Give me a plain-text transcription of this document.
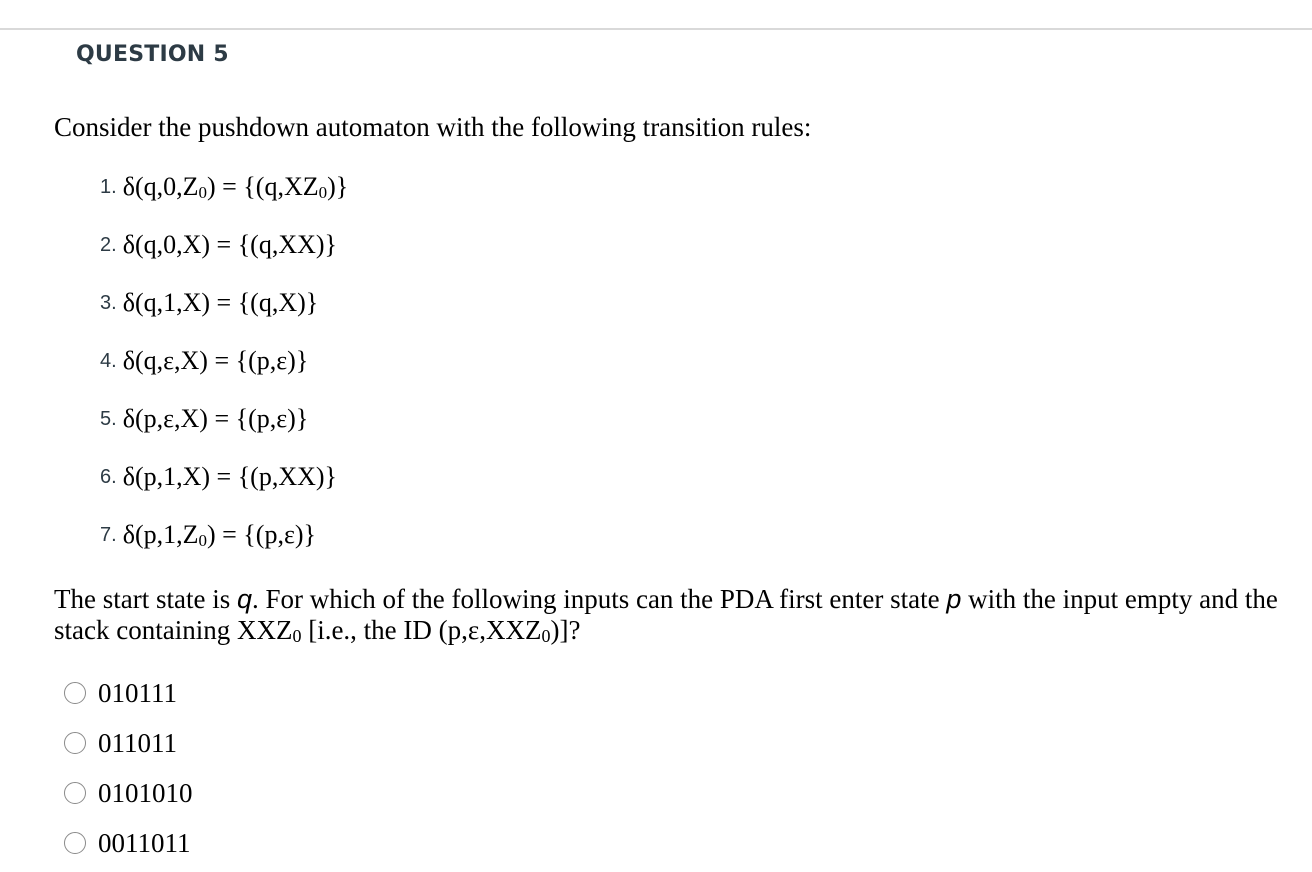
QUESTION 5
Consider the pushdown automaton with the following transition rules:
1. $\delta(q,0,Z_0) = \{(q,XZ_0)\}$
2. δ(q,0,X) = {(q,XX)}
3. δ(q,1,X) = {(q,X)}
4. δ(q,ε,X) = {(p,ε)}
5. δ(p,ε,X) = {(p,ε)}
6. δ(p,1,X) = {(p,XX)}
7. $\delta(p,1,Z_0) = \{(p,\varepsilon)\}$
The start state is q. For which of the following inputs can the PDA first enter state p with the input empty and the stack containing $XXZ_0$ [i.e., the ID $(p,\varepsilon,XXZ_0)$]?
010111
011011
0101010
0011011
